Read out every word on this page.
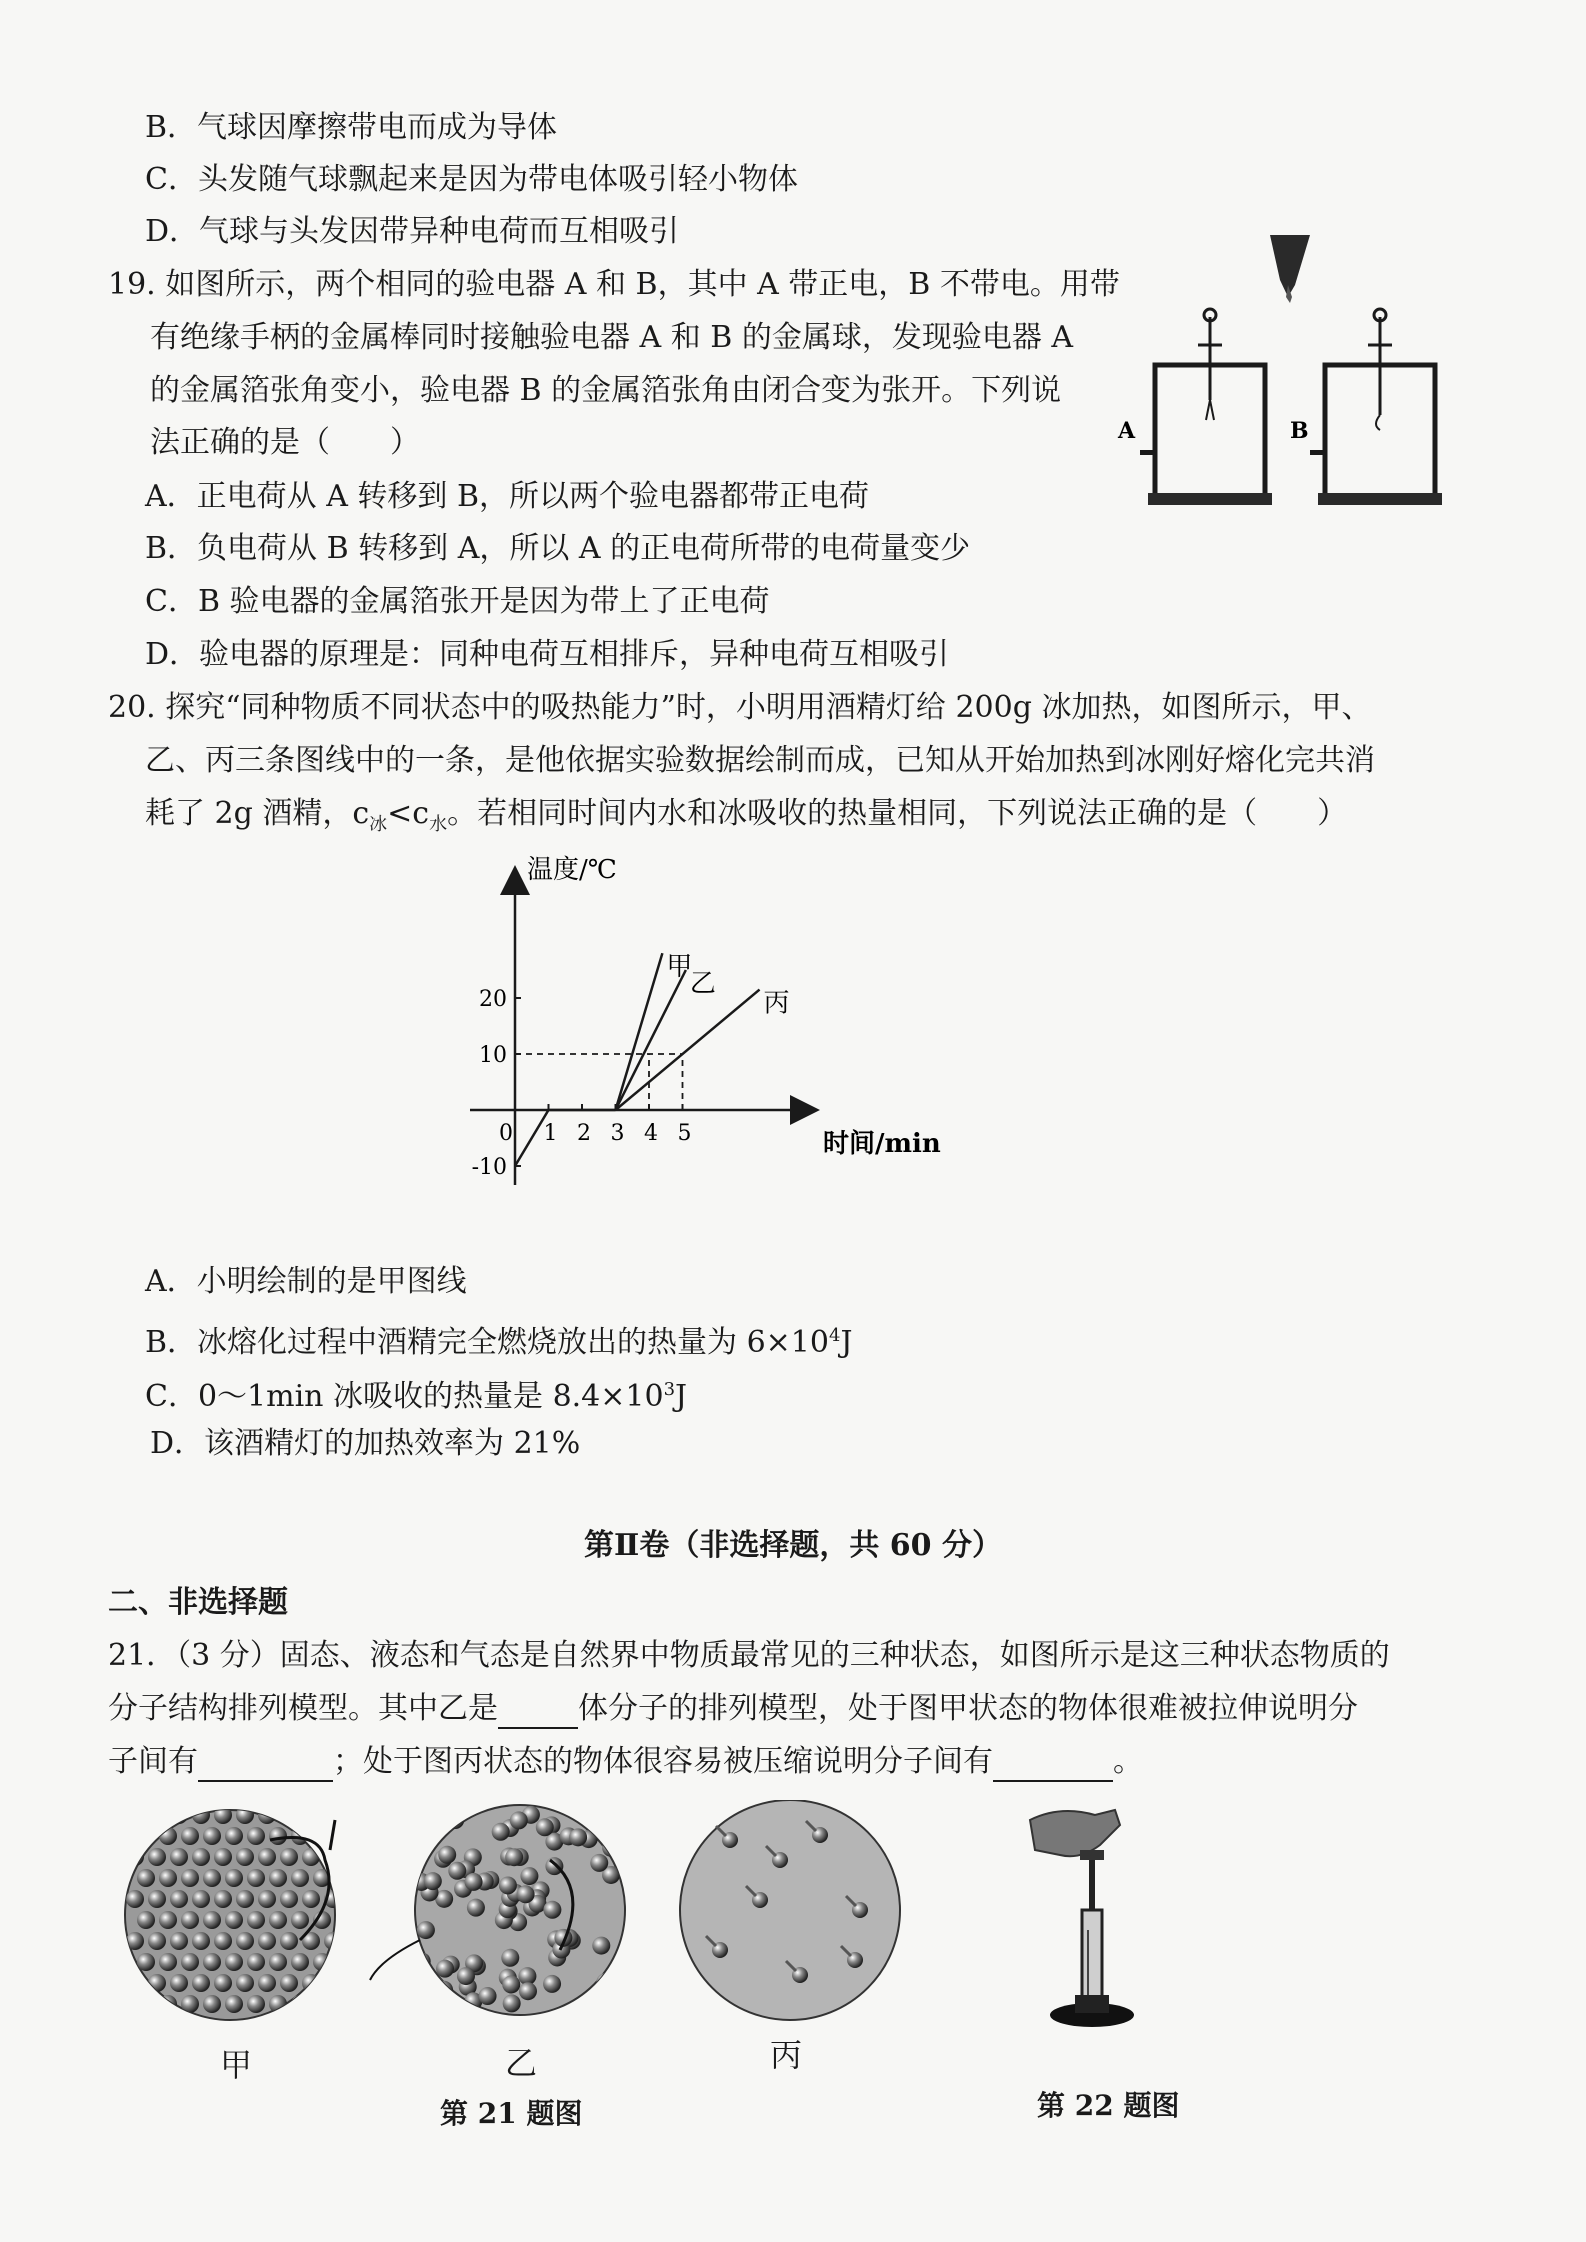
B．气球因摩擦带电而成为导体
C．头发随气球飘起来是因为带电体吸引轻小物体
D．气球与头发因带异种电荷而互相吸引
19. 如图所示，两个相同的验电器 A 和 B，其中 A 带正电，B 不带电。用带
有绝缘手柄的金属棒同时接触验电器 A 和 B 的金属球，发现验电器 A
的金属箔张角变小，验电器 B 的金属箔张角由闭合变为张开。下列说
法正确的是（　　）
A．正电荷从 A 转移到 B，所以两个验电器都带正电荷
B．负电荷从 B 转移到 A，所以 A 的正电荷所带的电荷量变少
C．B 验电器的金属箔张开是因为带上了正电荷
D．验电器的原理是：同种电荷互相排斥，异种电荷互相吸引
A	B
20. 探究“同种物质不同状态中的吸热能力”时，小明用酒精灯给 200g 冰加热，如图所示，甲、
乙、丙三条图线中的一条，是他依据实验数据绘制而成，已知从开始加热到冰刚好熔化完共消
耗了 2g 酒精，$c_冰<c_水$。若相同时间内水和冰吸收的热量相同，下列说法正确的是（　　）
温度/℃
时间/min
0 1 2 3 4 5
-10
10
20
甲
乙
丙
A．小明绘制的是甲图线
B．冰熔化过程中酒精完全燃烧放出的热量为 $6\times 10^4J$
C．0～1min 冰吸收的热量是 $8.4\times 10^3J$
D．该酒精灯的加热效率为 21%
第Ⅱ卷（非选择题，共 60 分）
二、非选择题
21．（3 分）固态、液态和气态是自然界中物质最常见的三种状态，如图所示是这三种状态物质的
分子结构排列模型。其中乙是	体分子的排列模型，处于图甲状态的物体很难被拉伸说明分
子间有	；处于图丙状态的物体很容易被压缩说明分子间有	。
甲	乙	丙
第 21 题图	第 22 题图
